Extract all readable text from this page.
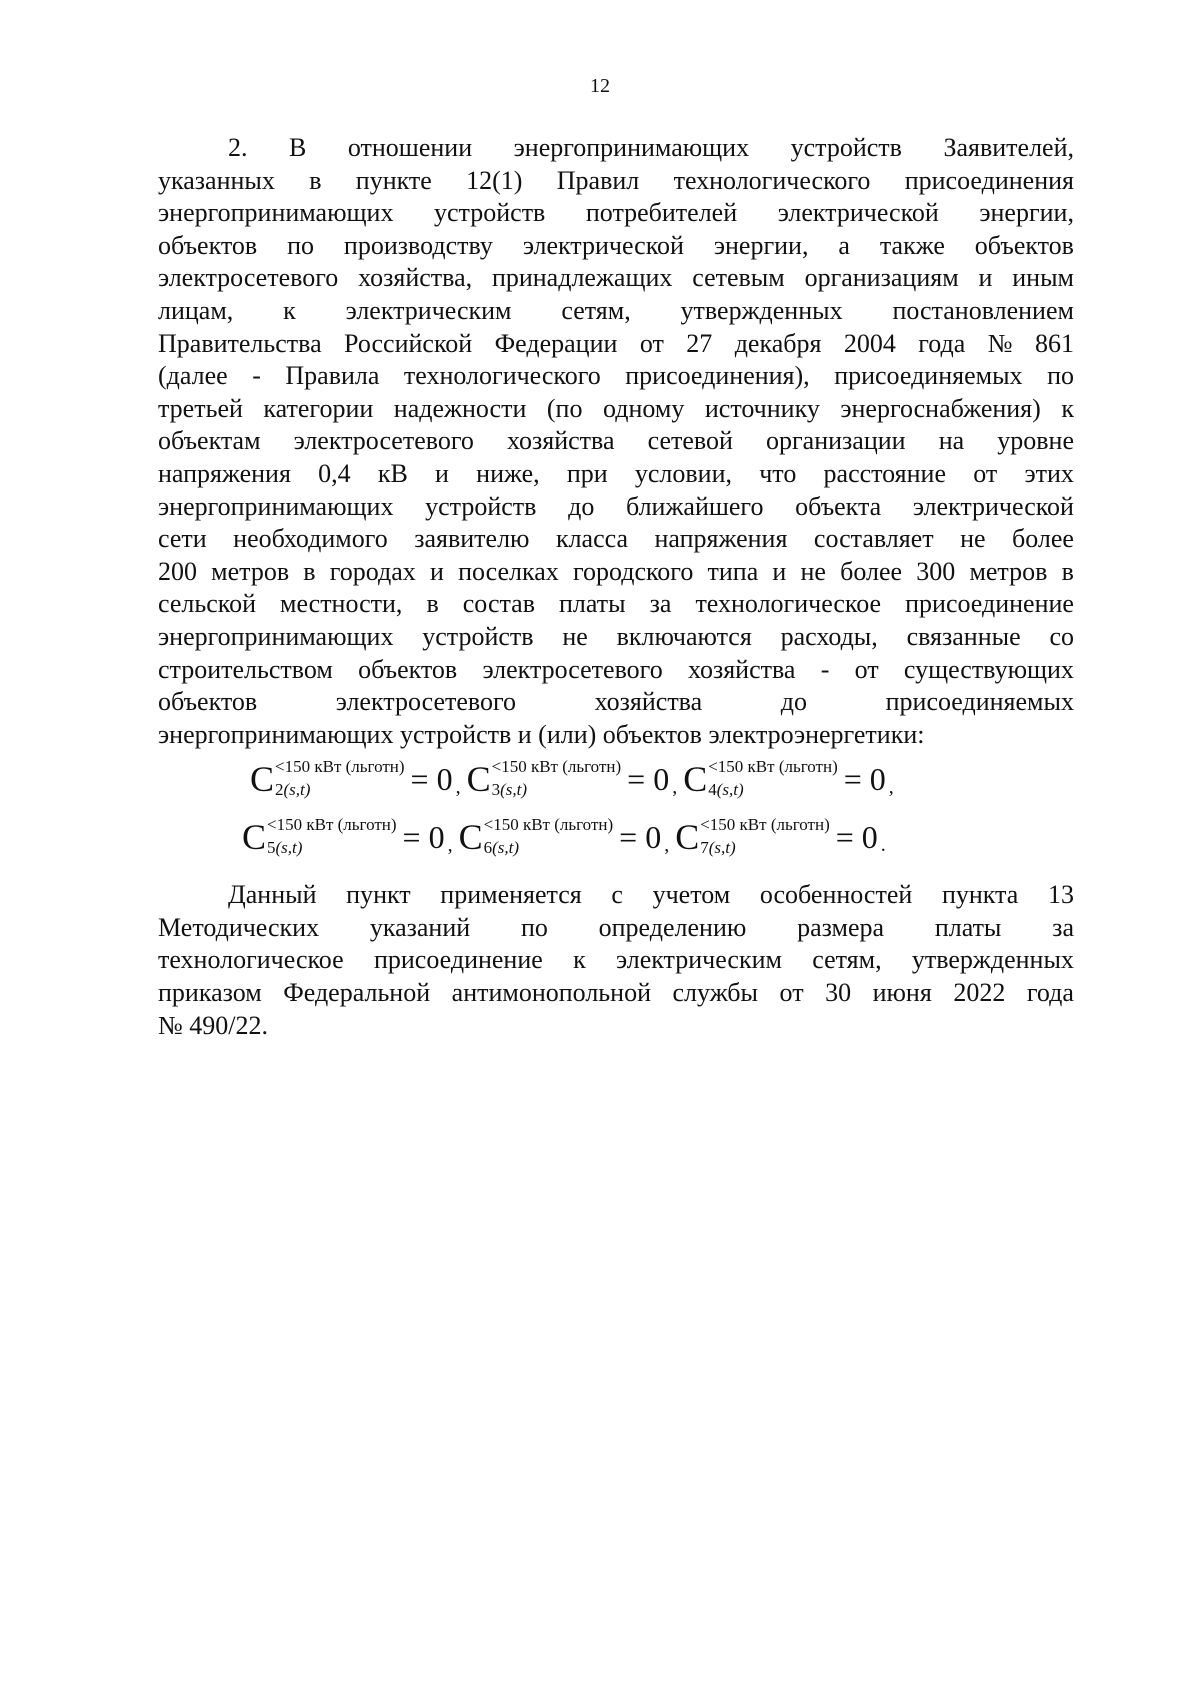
12
2. В отношении энергопринимающих устройств Заявителей,
указанных в пункте 12(1) Правил технологического присоединения
энергопринимающих устройств потребителей электрической энергии,
объектов по производству электрической энергии, а также объектов
электросетевого хозяйства, принадлежащих сетевым организациям и иным
лицам, к электрическим сетям, утвержденных постановлением
Правительства Российской Федерации от 27 декабря 2004 года № 861
(далее - Правила технологического присоединения), присоединяемых по
третьей категории надежности (по одному источнику энергоснабжения) к
объектам электросетевого хозяйства сетевой организации на уровне
напряжения 0,4 кВ и ниже, при условии, что расстояние от этих
энергопринимающих устройств до ближайшего объекта электрической
сети необходимого заявителю класса напряжения составляет не более
200 метров в городах и поселках городского типа и не более 300 метров в
сельской местности, в состав платы за технологическое присоединение
энергопринимающих устройств не включаются расходы, связанные со
строительством объектов электросетевого хозяйства - от существующих
объектов	электросетевого	хозяйства	до	присоединяемых
энергопринимающих устройств и (или) объектов электроэнергетики:
С <150 кВт (льготн)
2(s,t)	= 0 , С <150 кВт (льготн)
3(s,t)	= 0 , С <150 кВт (льготн)
4(s,t)	= 0 ,
С <150 кВт (льготн)
5(s,t)	= 0 , С <150 кВт (льготн)
6(s,t)	= 0 , С <150 кВт (льготн)
7(s,t)	= 0 .
Данный пункт применяется с учетом особенностей пункта 13
Методических указаний по определению размера платы за
технологическое присоединение к электрическим сетям, утвержденных
приказом Федеральной антимонопольной службы от 30 июня 2022 года
№ 490/22.
